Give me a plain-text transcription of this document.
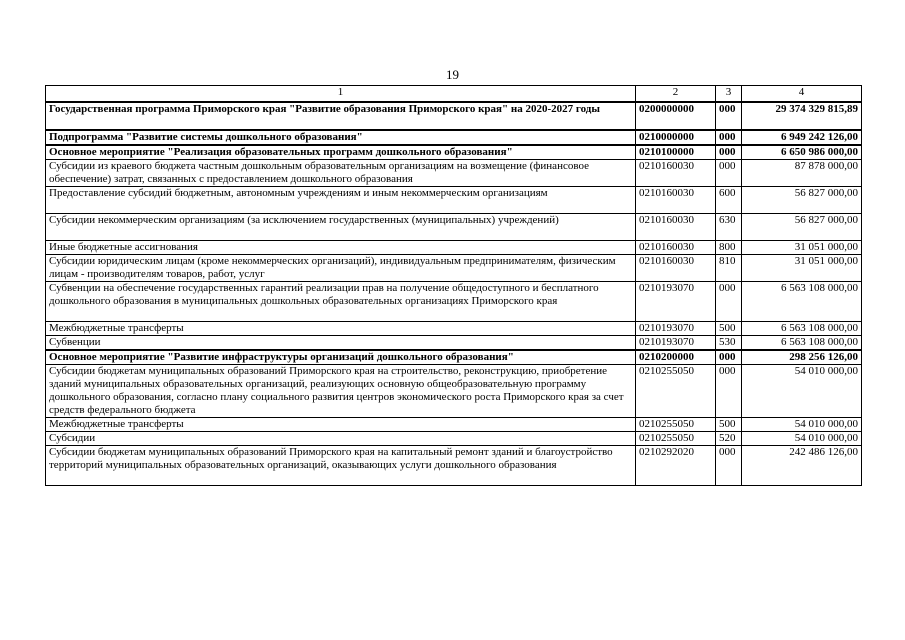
19
1	2	3	4
Государственная программа Приморского края "Развитие образования Приморского края" на 2020-2027 годы	0200000000	000	29 374 329 815,89
Подпрограмма "Развитие системы дошкольного образования"	0210000000	000	6 949 242 126,00
Основное мероприятие "Реализация образовательных программ дошкольного образования"	0210100000	000	6 650 986 000,00
Субсидии из краевого бюджета частным дошкольным образовательным организациям на возмещение (финансовое обеспечение) затрат, связанных с предоставлением дошкольного образования	0210160030	000	87 878 000,00
Предоставление субсидий бюджетным, автономным учреждениям и иным некоммерческим организациям	0210160030	600	56 827 000,00
Субсидии некоммерческим организациям (за исключением государственных (муниципальных) учреждений)	0210160030	630	56 827 000,00
Иные бюджетные ассигнования	0210160030	800	31 051 000,00
Субсидии юридическим лицам (кроме некоммерческих организаций), индивидуальным предпринимателям, физическим лицам - производителям товаров, работ, услуг	0210160030	810	31 051 000,00
Субвенции на обеспечение государственных гарантий реализации прав на получение общедоступного и бесплатного дошкольного образования в муниципальных дошкольных образовательных организациях Приморского края	0210193070	000	6 563 108 000,00
Межбюджетные трансферты	0210193070	500	6 563 108 000,00
Субвенции	0210193070	530	6 563 108 000,00
Основное мероприятие "Развитие инфраструктуры организаций дошкольного образования"	0210200000	000	298 256 126,00
Субсидии бюджетам муниципальных образований Приморского края на строительство, реконструкцию, приобретение зданий муниципальных образовательных организаций, реализующих основную общеобразовательную программу дошкольного образования, согласно плану социального развития центров экономического роста Приморского края за счет средств федерального бюджета	0210255050	000	54 010 000,00
Межбюджетные трансферты	0210255050	500	54 010 000,00
Субсидии	0210255050	520	54 010 000,00
Субсидии бюджетам муниципальных образований Приморского края на капитальный ремонт зданий и благоустройство территорий муниципальных образовательных организаций, оказывающих услуги дошкольного образования	0210292020	000	242 486 126,00
